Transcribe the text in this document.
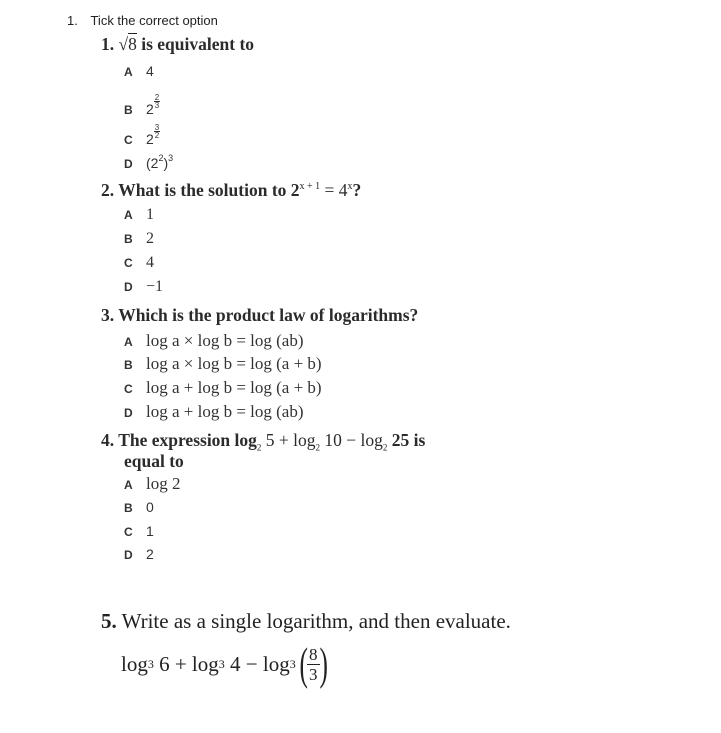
1. Tick the correct option
1. √8 is equivalent to
A 4
B $2 \frac{2}{3}$
C $2 \frac{3}{2}$
D (22)3
2. What is the solution to 2x + 1 = 4x?
A 1
B 2
C 4
D −1
3. Which is the product law of logarithms?
A log a × log b = log (ab)
B log a × log b = log (a + b)
C log a + log b = log (a + b)
D log a + log b = log (ab)
4. The expression $\log_2 5 + \log_2 10 - \log_2 25$ is
equal to
A log 2
B 0
C 1
D 2
5. Write as a single logarithm, and then evaluate.
log 3 6 + log 3 4 − log 3 ( $\frac{8}{3}$ )
